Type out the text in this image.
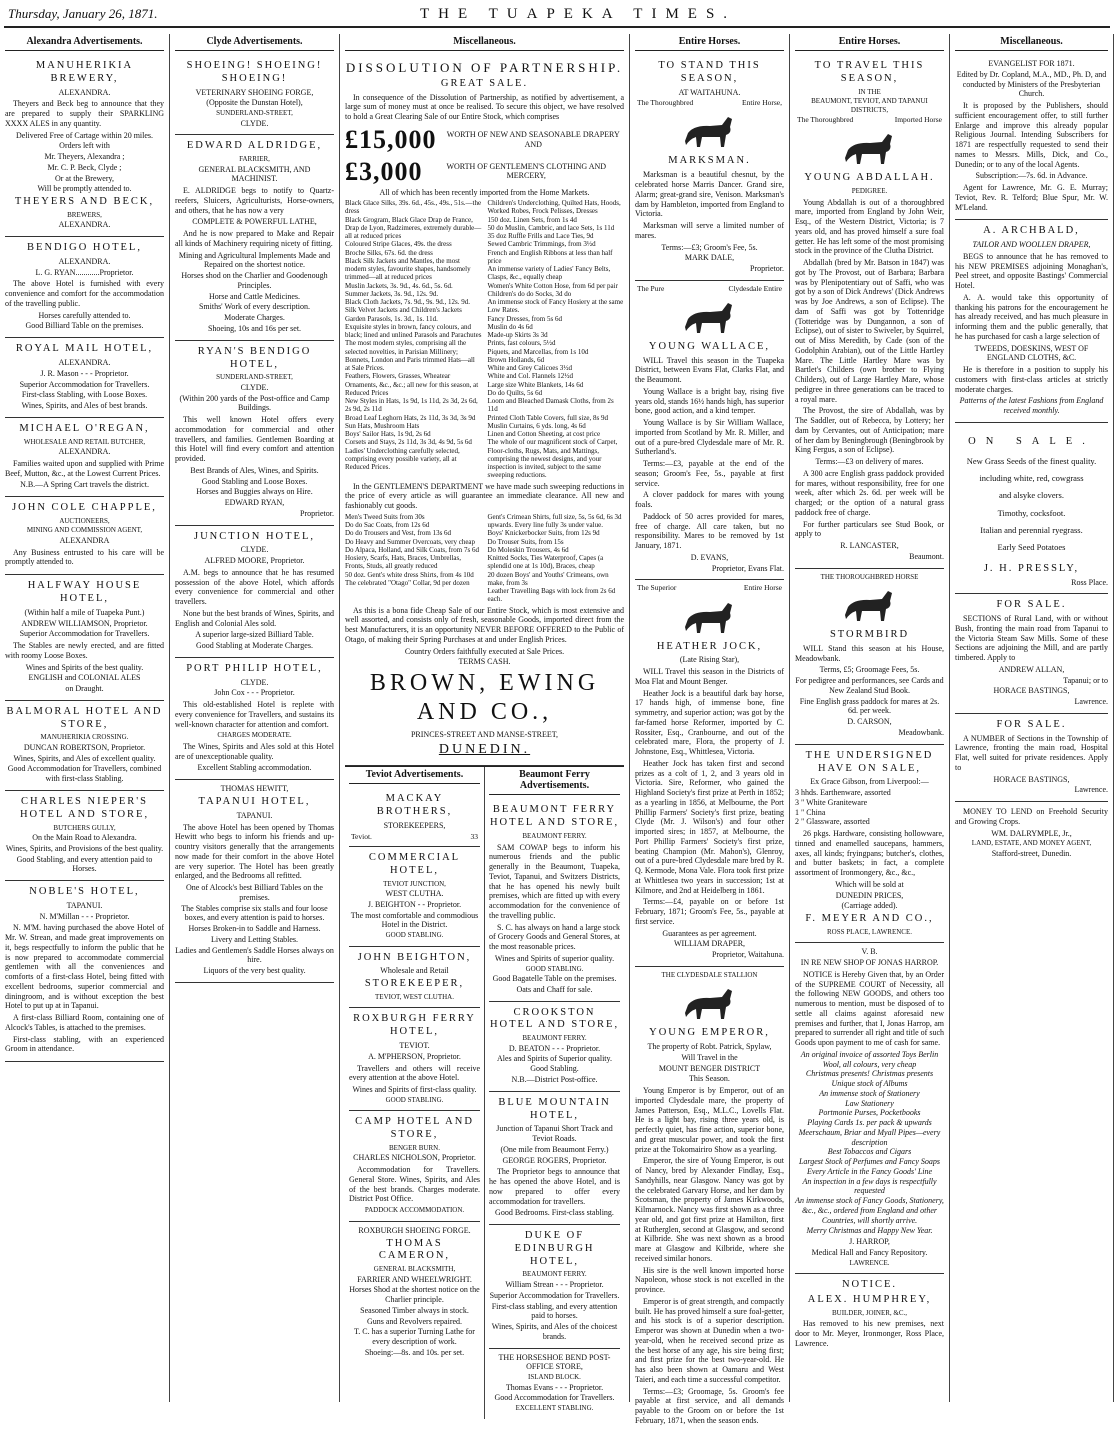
Thursday, January 26, 1871.	THE TUAPEKA TIMES.
Alexandra Advertisements.
MANUHERIKIA BREWERY,
ALEXANDRA.
Theyers and Beck beg to announce that they are prepared to supply their SPARKLING XXXX ALES in any quantity.
Delivered Free of Cartage within 20 miles.
Orders left with
Mr. Theyers, Alexandra ;
Mr. C. P. Beck, Clyde ;
Or at the Brewery,
Will be promptly attended to.
THEYERS AND BECK,
BREWERS,
ALEXANDRA.
BENDIGO HOTEL,
ALEXANDRA.
L. G. RYAN............Proprietor.
The above Hotel is furnished with every convenience and comfort for the accommodation of the travelling public.
Horses carefully attended to.
Good Billiard Table on the premises.
ROYAL MAIL HOTEL,
ALEXANDRA.
J. R. Mason - - - Proprietor.
Superior Accommodation for Travellers.
First-class Stabling, with Loose Boxes.
Wines, Spirits, and Ales of best brands.
MICHAEL O'REGAN,
WHOLESALE AND RETAIL BUTCHER,
ALEXANDRA.
Families waited upon and supplied with Prime Beef, Mutton, &c., at the Lowest Current Prices.
N.B.—A Spring Cart travels the district.
JOHN COLE CHAPPLE,
AUCTIONEERS,
MINING AND COMMISSION AGENT,
ALEXANDRA
Any Business entrusted to his care will be promptly attended to.
HALFWAY HOUSE HOTEL,
(Within half a mile of Tuapeka Punt.)
ANDREW WILLIAMSON, Proprietor.
Superior Accommodation for Travellers.
The Stables are newly erected, and are fitted with roomy Loose Boxes.
Wines and Spirits of the best quality.
ENGLISH and COLONIAL ALES
on Draught.
BALMORAL HOTEL AND STORE,
MANUHERIKIA CROSSING.
DUNCAN ROBERTSON, Proprietor.
Wines, Spirits, and Ales of excellent quality.
Good Accommodation for Travellers, combined with first-class Stabling.
CHARLES NIEPER'S HOTEL AND STORE,
BUTCHERS GULLY,
On the Main Road to Alexandra.
Wines, Spirits, and Provisions of the best quality.
Good Stabling, and every attention paid to Horses.
NOBLE'S HOTEL,
TAPANUI.
N. M'Millan - - - Proprietor.
N. M'M. having purchased the above Hotel of Mr. W. Strean, and made great improvements on it, begs respectfully to inform the public that he is now prepared to accommodate commercial gentlemen with all the conveniences and comforts of a first-class Hotel, being fitted with excellent bedrooms, superior commercial and diningroom, and is without exception the best Hotel to put up at in Tapanui.
A first-class Billiard Room, containing one of Alcock's Tables, is attached to the premises.
First-class stabling, with an experienced Groom in attendance.
Clyde Advertisements.
SHOEING! SHOEING! SHOEING!
VETERINARY SHOEING FORGE,
(Opposite the Dunstan Hotel),
SUNDERLAND-STREET,
CLYDE.
EDWARD ALDRIDGE,
FARRIER,
GENERAL BLACKSMITH, AND MACHINIST.
E. ALDRIDGE begs to notify to Quartz-reefers, Sluicers, Agriculturists, Horse-owners, and others, that he has now a very
COMPLETE & POWERFUL LATHE,
And he is now prepared to Make and Repair all kinds of Machinery requiring nicety of fitting.
Mining and Agricultural Implements Made and Repaired on the shortest notice.
Horses shod on the Charlier and Goodenough Principles.
Horse and Cattle Medicines.
Smiths' Work of every description.
Moderate Charges.
Shoeing, 10s and 16s per set.
RYAN'S BENDIGO HOTEL,
SUNDERLAND-STREET,
CLYDE.
(Within 200 yards of the Post-office and Camp Buildings.
This well known Hotel offers every accommodation for commercial and other travellers, and families. Gentlemen Boarding at this Hotel will find every comfort and attention provided.
Best Brands of Ales, Wines, and Spirits.
Good Stabling and Loose Boxes.
Horses and Buggies always on Hire.
EDWARD RYAN,
Proprietor.
JUNCTION HOTEL,
CLYDE.
ALFRED MOORE, Proprietor.
A.M. begs to announce that he has resumed possession of the above Hotel, which affords every convenience for commercial and other travellers.
None but the best brands of Wines, Spirits, and English and Colonial Ales sold.
A superior large-sized Billiard Table.
Good Stabling at Moderate Charges.
PORT PHILIP HOTEL,
CLYDE.
John Cox - - - Proprietor.
This old-established Hotel is replete with every convenience for Travellers, and sustains its well-known character for attention and comfort.
CHARGES MODERATE.
The Wines, Spirits and Ales sold at this Hotel are of unexceptionable quality.
Excellent Stabling accommodation.
THOMAS HEWITT,
TAPANUI HOTEL,
TAPANUI.
The above Hotel has been opened by Thomas Hewitt who begs to inform his friends and up-country visitors generally that the arrangements now made for their comfort in the above Hotel are very superior. The Hotel has been greatly enlarged, and the Bedrooms all refitted.
One of Alcock's best Billiard Tables on the premises.
The Stables comprise six stalls and four loose boxes, and every attention is paid to horses.
Horses Broken-in to Saddle and Harness.
Livery and Letting Stables.
Ladies and Gentlemen's Saddle Horses always on hire.
Liquors of the very best quality.
Miscellaneous.
DISSOLUTION OF PARTNERSHIP.
GREAT SALE.
In consequence of the Dissolution of Partnership, as notified by advertisement, a large sum of money must at once be realised. To secure this object, we have resolved to hold a Great Clearing Sale of our Entire Stock, which comprises
£15,000	WORTH OF NEW AND SEASONABLE DRAPERY AND
£3,000	WORTH OF GENTLEMEN'S CLOTHING AND MERCERY,
All of which has been recently imported from the Home Markets.
Black Glace Silks, 39s. 6d., 45s., 49s., 51s.—the dress
Black Grogram, Black Glace Drap de France, Drap de Lyon, Radzimeres, extremely durable—all at reduced prices
Coloured Stripe Glaces, 49s. the dress
Broche Silks, 67s. 6d. the dress
Black Silk Jackets and Mantles, the most modern styles, favourite shapes, handsomely trimmed—all at reduced prices
Muslin Jackets, 3s. 9d., 4s. 6d., 5s. 6d.
Summer Jackets, 3s. 9d., 12s. 9d.
Black Cloth Jackets, 7s. 9d., 9s. 9d., 12s. 9d.
Silk Velvet Jackets and Children's Jackets
Garden Parasols, 1s. 3d., 1s. 11d.
Exquisite styles in brown, fancy colours, and black; lined and unlined Parasols and Parachutes
The most modern styles, comprising all the selected novelties, in Parisian Millinery; Bonnets, London and Paris trimmed Hats—all at Sale Prices.
Feathers, Flowers, Grasses, Wheatear Ornaments, &c., &c.; all new for this season, at Reduced Prices
New Styles in Hats, 1s 9d, 1s 11d, 2s 3d, 2s 6d, 2s 9d, 2s 11d
Broad Leaf Leghorn Hats, 2s 11d, 3s 3d, 3s 9d
Sun Hats, Mushroom Hats
Boys' Sailor Hats, 1s 9d, 2s 6d
Corsets and Stays, 2s 11d, 3s 3d, 4s 9d, 5s 6d
Ladies' Underclothing carefully selected, comprising every possible variety, all at Reduced Prices.
Children's Underclothing, Quilted Hats, Hoods, Worked Robes, Frock Pelisses, Dresses
150 doz. Linen Sets, from 1s 4d
50 do Muslin, Cambric, and lace Sets, 1s 11d
35 doz Ruffle Frills and Lace Ties, 9d
Sewed Cambric Trimmings, from 3½d
French and English Ribbons at less than half price
An immense variety of Ladies' Fancy Belts, Clasps, &c., equally cheap
Women's White Cotton Hose, from 6d per pair
Children's do do Socks, 3d do
An immense stock of Fancy Hosiery at the same Low Rates.
Fancy Dresses, from 5s 6d
Muslin do 4s 6d
Made-up Skirts 3s 3d
Prints, fast colours, 5½d
Piquets, and Marcellas, from 1s 10d
Brown Hollands, 6d
White and Grey Calicoes 3½d
White and Col. Flannels 12½d
Large size White Blankets, 14s 6d
Do do Quilts, 5s 6d
Loom and Bleached Damask Cloths, from 2s 11d
Printed Cloth Table Covers, full size, 8s 9d
Muslin Curtains, 6 yds. long, 4s 6d
Linen and Cotton Sheeting, at cost price
The whole of our magnificent stock of Carpet, Floor-cloths, Rugs, Mats, and Mattings, comprising the newest designs, and your inspection is invited, subject to the same sweeping reductions.
In the GENTLEMEN'S DEPARTMENT we have made such sweeping reductions in the price of every article as will guarantee an immediate clearance. All new and fashionably cut goods.
Men's Tweed Suits from 30s
Do do Sac Coats, from 12s 6d
Do do Trousers and Vest, from 13s 6d
Do Heavy and Summer Overcoats, very cheap
Do Alpaca, Holland, and Silk Coats, from 7s 6d
Hosiery, Scarfs, Hats, Braces, Umbrellas, Fronts, Studs, all greatly reduced
50 doz. Gent's white dress Shirts, from 4s 10d
The celebrated "Otago" Collar, 9d per dozen
Gent's Crimean Shirts, full size, 5s, 5s 6d, 6s 3d upwards. Every line fully 3s under value.
Boys' Knickerbocker Suits, from 12s 9d
Do Trouser Suits, from 15s
Do Moleskin Trousers, 4s 6d
Knitted Socks, Ties Waterproof, Capes (a splendid one at 1s 10d), Braces, cheap
20 dozen Boys' and Youths' Crimeans, own make, from 3s
Leather Travelling Bags with lock from 2s 6d each.
As this is a bona fide Cheap Sale of our Entire Stock, which is most extensive and well assorted, and consists only of fresh, seasonable Goods, imported direct from the best Manufacturers, it is an opportunity NEVER BEFORE OFFERED to the Public of Otago, of making their Spring Purchases at and under English Prices.
Country Orders faithfully executed at Sale Prices.
TERMS CASH.
BROWN, EWING AND CO.,
PRINCES-STREET AND MANSE-STREET,
DUNEDIN.
Teviot Advertisements.
MACKAY BROTHERS,
STOREKEEPERS,
Teviot.	33
COMMERCIAL HOTEL,
TEVIOT JUNCTION,
WEST CLUTHA.
J. BEIGHTON - - Proprietor.
The most comfortable and commodious Hotel in the District.
GOOD STABLING.
JOHN BEIGHTON,
Wholesale and Retail
STOREKEEPER,
TEVIOT, WEST CLUTHA.
ROXBURGH FERRY HOTEL,
TEVIOT.
A. M'PHERSON, Proprietor.
Travellers and others will receive every attention at the above Hotel.
Wines and Spirits of first-class quality.
GOOD STABLING.
CAMP HOTEL AND STORE,
BENGER BURN.
CHARLES NICHOLSON, Proprietor.
Accommodation for Travellers. General Store. Wines, Spirits, and Ales of the best brands. Charges moderate. District Post Office.
PADDOCK ACCOMMODATION.
ROXBURGH SHOEING FORGE.
THOMAS CAMERON,
GENERAL BLACKSMITH,
FARRIER AND WHEELWRIGHT.
Horses Shod at the shortest notice on the Charlier principle.
Seasoned Timber always in stock.
Guns and Revolvers repaired.
T. C. has a superior Turning Lathe for every description of work.
Shoeing:—8s. and 10s. per set.
Beaumont Ferry Advertisements.
BEAUMONT FERRY HOTEL AND STORE,
BEAUMONT FERRY.
SAM COWAP begs to inform his numerous friends and the public generally in the Beaumont, Tuapeka, Teviot, Tapanui, and Switzers Districts, that he has opened his newly built premises, which are fitted up with every accommodation for the convenience of the travelling public.
S. C. has always on hand a large stock of Grocery Goods and General Stores, at the most reasonable prices.
Wines and Spirits of superior quality.
GOOD STABLING.
Good Bagatelle Table on the premises.
Oats and Chaff for sale.
CROOKSTON HOTEL AND STORE,
BEAUMONT FERRY.
D. BEATON - - - Proprietor.
Ales and Spirits of Superior quality. Good Stabling.
N.B.—District Post-office.
BLUE MOUNTAIN HOTEL,
Junction of Tapanui Short Track and Teviot Roads.
(One mile from Beaumont Ferry.)
GEORGE ROGERS, Proprietor.
The Proprietor begs to announce that he has opened the above Hotel, and is now prepared to offer every accommodation for travellers.
Good Bedrooms. First-class stabling.
DUKE OF EDINBURGH HOTEL,
BEAUMONT FERRY.
William Strean - - - Proprietor.
Superior Accommodation for Travellers.
First-class stabling, and every attention paid to horses.
Wines, Spirits, and Ales of the choicest brands.
THE HORSESHOE BEND POST-OFFICE STORE,
ISLAND BLOCK.
Thomas Evans - - - Proprietor.
Good Accommodation for Travellers.
EXCELLENT STABLING.
Entire Horses.
TO STAND THIS SEASON,
AT WAITAHUNA.
The Thoroughbred	Entire Horse,
MARKSMAN.
Marksman is a beautiful chesnut, by the celebrated horse Marris Dancer. Grand sire, Alarm; great-grand sire, Venison. Marksman's dam by Hambleton, imported from England to Victoria.
Marksman will serve a limited number of mares.
Terms:—£3; Groom's Fee, 5s.
MARK DALE,
Proprietor.
The Pure	Clydesdale Entire
YOUNG WALLACE,
WILL Travel this season in the Tuapeka District, between Evans Flat, Clarks Flat, and the Beaumont.
Young Wallace is a bright bay, rising five years old, stands 16½ hands high, has superior bone, good action, and a kind temper.
Young Wallace is by Sir William Wallace, imported from Scotland by Mr. R. Miller, and out of a pure-bred Clydesdale mare of Mr. R. Sutherland's.
Terms:—£3, payable at the end of the season; Groom's Fee, 5s., payable at first service.
A clover paddock for mares with young foals.
Paddock of 50 acres provided for mares, free of charge. All care taken, but no responsibility. Mares to be removed by 1st January, 1871.
D. EVANS,
Proprietor, Evans Flat.
The Superior	Entire Horse
HEATHER JOCK,
(Late Rising Star),
WILL Travel this season in the Districts of Moa Flat and Mount Benger.
Heather Jock is a beautiful dark bay horse, 17 hands high, of immense bone, fine symmetry, and superior action; was got by the far-famed horse Reformer, imported by C. Rossiter, Esq., Cranbourne, and out of the celebrated mare, Flora, the property of J. Johnstone, Esq., Whittlesea, Victoria.
Heather Jock has taken first and second prizes as a colt of 1, 2, and 3 years old in Victoria. Sire, Reformer, who gained the Highland Society's first prize at Perth in 1852; as a yearling in 1856, at Melbourne, the Port Phillip Farmers' Society's first prize, beating Clyde (Mr. J. Wilson's) and four other imported sires; in 1857, at Melbourne, the Port Phillip Farmers' Society's first prize, beating Champion (Mr. Mahon's), Glenroy, out of a pure-bred Clydesdale mare bred by R. Q. Kermode, Mona Vale. Flora took first prize at Whittlesea two years in succession; 1st at Kilmore, and 2nd at Heidelberg in 1861.
Terms:—£4, payable on or before 1st February, 1871; Groom's Fee, 5s., payable at first service.
Guarantees as per agreement.
WILLIAM DRAPER,
Proprietor, Waitahuna.
THE CLYDESDALE STALLION
YOUNG EMPEROR,
The property of Robt. Patrick, Spylaw,
Will Travel in the
MOUNT BENGER DISTRICT
This Season.
Young Emperor is by Emperor, out of an imported Clydesdale mare, the property of James Patterson, Esq., M.L.C., Lovells Flat. He is a light bay, rising three years old, is perfectly quiet, has fine action, superior bone, and great muscular power, and took the first prize at the Tokomairiro Show as a yearling.
Emperor, the sire of Young Emperor, is out of Nancy, bred by Alexander Findlay, Esq., Sandyhills, near Glasgow. Nancy was got by the celebrated Garvary Horse, and her dam by Scotsman, the property of James Kirkwoods, Kilmarnock. Nancy was first shown as a three year old, and got first prize at Hamilton, first at Rutherglen, second at Glasgow, and second at Kilbride. She was next shown as a brood mare at Glasgow and Kilbride, where she received similar honors.
His sire is the well known imported horse Napoleon, whose stock is not excelled in the province.
Emperor is of great strength, and compactly built. He has proved himself a sure foal-getter, and his stock is of a superior description. Emperor was shown at Dunedin when a two-year-old, when he received second prize as the best horse of any age, his sire being first; and first prize for the best two-year-old. He has also been shown at Oamaru and West Taieri, and each time a successful competitor.
Terms:—£3; Groomage, 5s. Groom's fee payable at first service, and all demands payable to the Groom on or before the 1st February, 1871, when the season ends.
Entire Horses.
TO TRAVEL THIS SEASON,
IN THE
BEAUMONT, TEVIOT, AND TAPANUI DISTRICTS,
The Thoroughbred	Imported Horse
YOUNG ABDALLAH.
PEDIGREE.
Young Abdallah is out of a thoroughbred mare, imported from England by John Weir, Esq., of the Western District, Victoria; is 7 years old, and has proved himself a sure foal getter. He has left some of the most promising stock in the province of the Clutha District.
Abdallah (bred by Mr. Batson in 1847) was got by The Provost, out of Barbara; Barbara was by Plenipotentiary out of Saffi, who was got by a son of Dick Andrews' (Dick Andrews was by Joe Andrews, a son of Eclipse). The dam of Saffi was got by Tottenridge (Totteridge was by Dungannon, a son of Eclipse), out of sister to Swiveler, by Squirrel, out of Miss Meredith, by Cade (son of the Godolphin Arabian), out of the Little Hartley Mare. The Little Hartley Mare was by Bartlet's Childers (own brother to Flying Childers), out of Large Hartley Mare, whose pedigree in three generations can be traced to a royal mare.
The Provost, the sire of Abdallah, was by The Saddler, out of Rebecca, by Lottery; her dam by Cervantes, out of Anticipation; mare of her dam by Beningbrough (Beningbrook by King Fergus, a son of Eclipse).
Terms:—£3 on delivery of mares.
A 300 acre English grass paddock provided for mares, without responsibility, free for one week, after which 2s. 6d. per week will be charged; or the option of a natural grass paddock free of charge.
For further particulars see Stud Book, or apply to
R. LANCASTER,
Beaumont.
THE THOROUGHBRED HORSE
STORMBIRD
WILL Stand this season at his House, Meadowbank.
Terms, £5; Groomage Fees, 5s.
For pedigree and performances, see Cards and New Zealand Stud Book.
Fine English grass paddock for mares at 2s. 6d. per week.
D. CARSON,
Meadowbank.
THE UNDERSIGNED HAVE ON SALE,
Ex Grace Gibson, from Liverpool:—
3 hhds. Earthenware, assorted
3 " White Graniteware
1 " China
2 " Glassware, assorted
26 pkgs. Hardware, consisting hollowware, tinned and enamelled saucepans, hammers, axes, all kinds; fryingpans; butcher's, clothes, and butter baskets; in fact, a complete assortment of Ironmongery, &c., &c.,
Which will be sold at
DUNEDIN PRICES,
(Carriage added).
F. MEYER AND CO.,
ROSS PLACE, LAWRENCE.
V. B.
IN RE NEW SHOP OF JONAS HARROP.
NOTICE is Hereby Given that, by an Order of the SUPREME COURT of Necessity, all the following NEW GOODS, and others too numerous to mention, must be disposed of to settle all claims against aforesaid new premises and further, that I, Jonas Harrop, am prepared to surrender all right and title of such Goods upon payment to me of cash for same.
An original invoice of assorted Toys Berlin Wool, all colours, very cheap
Christmas presents! Christmas presents
Unique stock of Albums
An immense stock of Stationery
Law Stationery
Portmonie Purses, Pocketbooks
Playing Cards 1s. per pack & upwards
Meerschaum, Briar and Myall Pipes—every description
Best Tobaccos and Cigars
Largest Stock of Perfumes and Fancy Soaps
Every Article in the Fancy Goods' Line
An inspection in a few days is respectfully requested
An immense stock of Fancy Goods, Stationery, &c., &c., ordered from England and other Countries, will shortly arrive.
Merry Christmas and Happy New Year.
J. HARROP,
Medical Hall and Fancy Repository.
LAWRENCE.
NOTICE.
ALEX. HUMPHREY,
BUILDER, JOINER, &C.,
Has removed to his new premises, next door to Mr. Meyer, Ironmonger, Ross Place, Lawrence.
Miscellaneous.
EVANGELIST FOR 1871.
Edited by Dr. Copland, M.A., MD., Ph. D, and conducted by Ministers of the Presbyterian Church.
It is proposed by the Publishers, should sufficient encouragement offer, to still further Enlarge and improve this already popular Religious Journal. Intending Subscribers for 1871 are respectfully requested to send their names to Messrs. Mills, Dick, and Co., Dunedin; or to any of the local Agents.
Subscription:—7s. 6d. in Advance.
Agent for Lawrence, Mr. G. E. Murray; Teviot, Rev. R. Telford; Blue Spur, Mr. W. M'Leland.
A. ARCHBALD,
TAILOR AND WOOLLEN DRAPER,
BEGS to announce that he has removed to his NEW PREMISES adjoining Monaghan's, Peel street, and opposite Bastings' Commercial Hotel.
A. A. would take this opportunity of thanking his patrons for the encouragement he has already received, and has much pleasure in informing them and the public generally, that he has purchased for cash a large selection of
TWEEDS, DOESKINS, WEST OF ENGLAND CLOTHS, &C.
He is therefore in a position to supply his customers with first-class articles at strictly moderate charges.
Patterns of the latest Fashions from England received monthly.
ON SALE.
New Grass Seeds of the finest quality.
including white, red, cowgrass
and alsyke clovers.
Timothy, cocksfoot.
Italian and perennial ryegrass.
Early Seed Potatoes
J. H. PRESSLY,
Ross Place.
FOR SALE.
SECTIONS of Rural Land, with or without Bush, fronting the main road from Tapanui to the Victoria Steam Saw Mills. Some of these Sections are adjoining the Mill, and are partly timbered. Apply to
ANDREW ALLAN,
Tapanui; or to
HORACE BASTINGS,
Lawrence.
FOR SALE.
A NUMBER of Sections in the Township of Lawrence, fronting the main road, Hospital Flat, well suited for private residences. Apply to
HORACE BASTINGS,
Lawrence.
MONEY TO LEND on Freehold Security and Growing Crops.
WM. DALRYMPLE, Jr.,
LAND, ESTATE, AND MONEY AGENT,
Stafford-street, Dunedin.
